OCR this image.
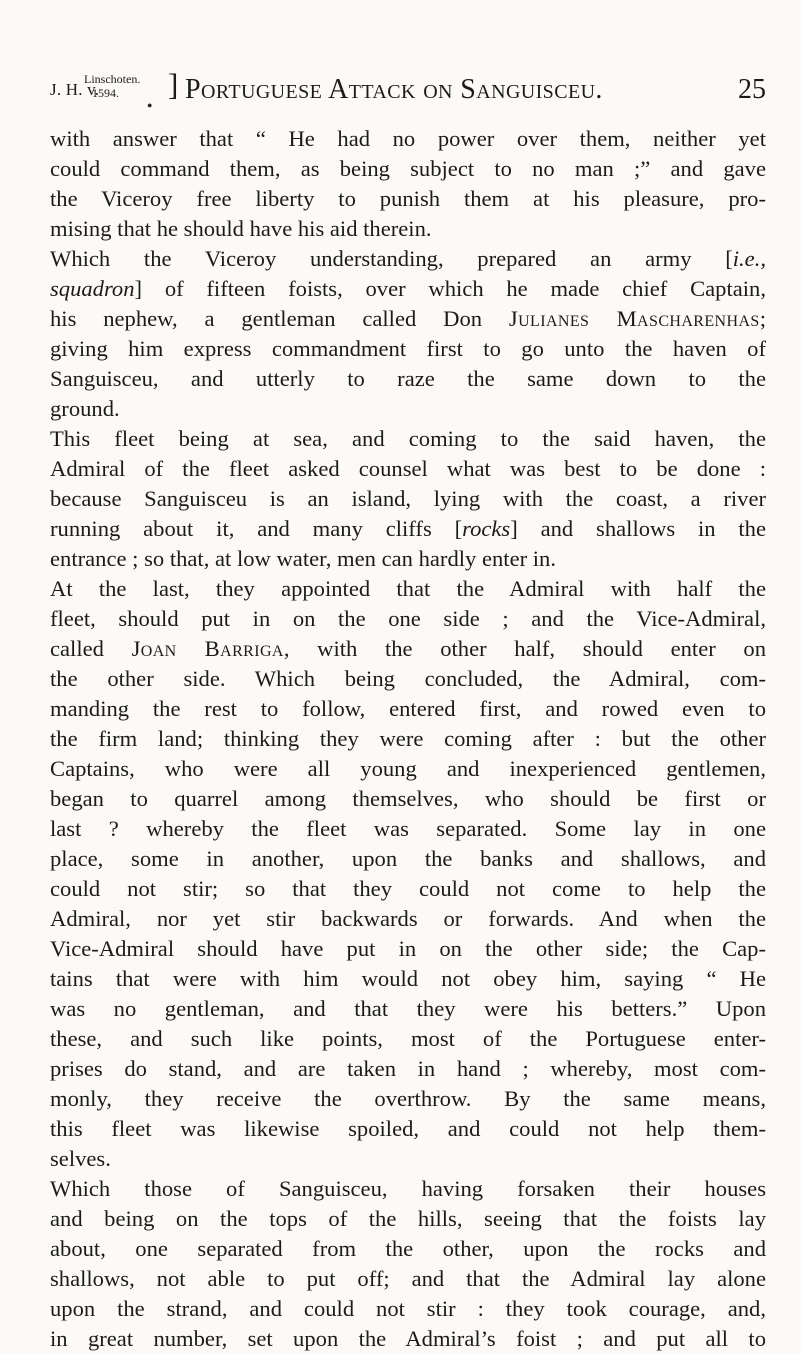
J. H. v.
Linschoten.
1594.	] Portuguese Attack on Sanguisceu.	25
●

with answer that “ He had no power over them, neither yet

could command them, as being subject to no man ;” and gave

the Viceroy free liberty to punish them at his pleasure, pro-

mising that he should have his aid therein.

Which the Viceroy understanding, prepared an army [i.e.,

squadron] of fifteen foists, over which he made chief Captain,

his nephew, a gentleman called Don Julianes Mascharenhas;

giving him express commandment first to go unto the haven of

Sanguisceu, and utterly to raze the same down to the

ground.

This fleet being at sea, and coming to the said haven, the

Admiral of the fleet asked counsel what was best to be done :

because Sanguisceu is an island, lying with the coast, a river

running about it, and many cliffs [rocks] and shallows in the

entrance ; so that, at low water, men can hardly enter in.

At the last, they appointed that the Admiral with half the

fleet, should put in on the one side ; and the Vice-Admiral,

called Joan Barriga, with the other half, should enter on

the other side. Which being concluded, the Admiral, com-

manding the rest to follow, entered first, and rowed even to

the firm land; thinking they were coming after : but the other

Captains, who were all young and inexperienced gentlemen,

began to quarrel among themselves, who should be first or

last ? whereby the fleet was separated. Some lay in one

place, some in another, upon the banks and shallows, and

could not stir; so that they could not come to help the

Admiral, nor yet stir backwards or forwards. And when the

Vice-Admiral should have put in on the other side; the Cap-

tains that were with him would not obey him, saying “ He

was no gentleman, and that they were his betters.” Upon

these, and such like points, most of the Portuguese enter-

prises do stand, and are taken in hand ; whereby, most com-

monly, they receive the overthrow. By the same means,

this fleet was likewise spoiled, and could not help them-

selves.

Which those of Sanguisceu, having forsaken their houses

and being on the tops of the hills, seeing that the foists lay

about, one separated from the other, upon the rocks and

shallows, not able to put off; and that the Admiral lay alone

upon the strand, and could not stir : they took courage, and,

in great number, set upon the Admiral’s foist ; and put all to
